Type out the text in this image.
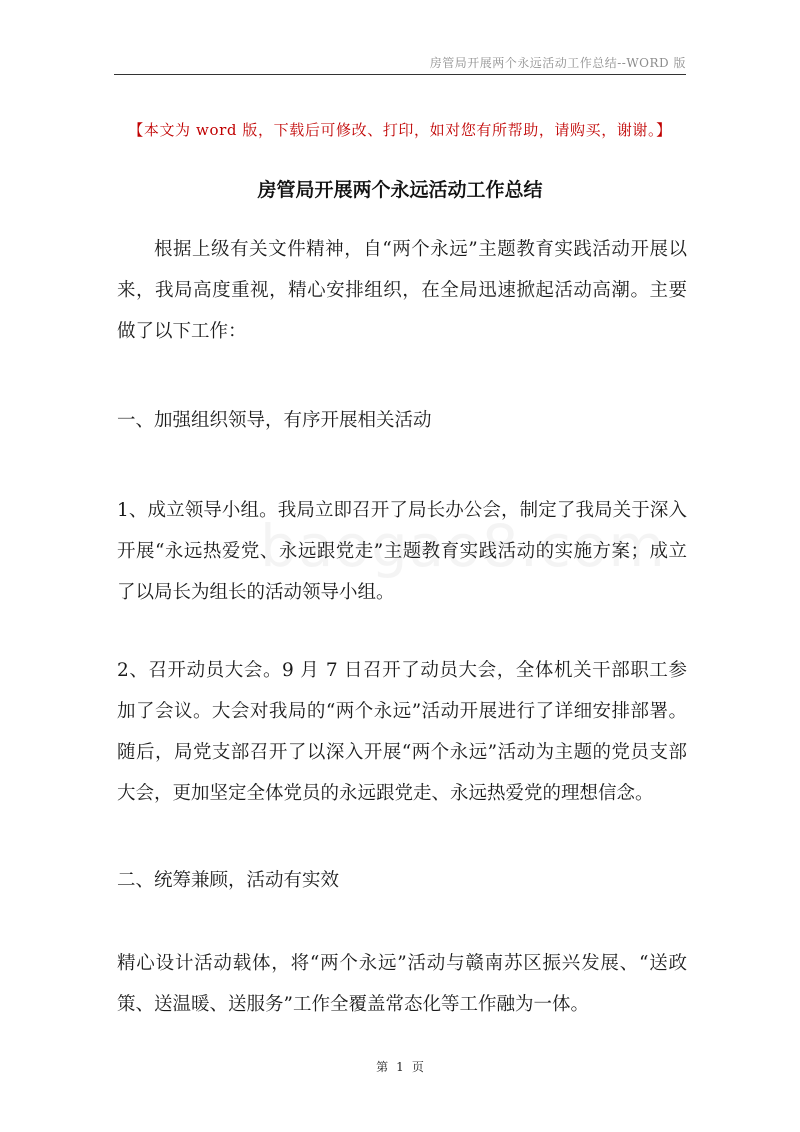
房管局开展两个永远活动工作总结--WORD 版
【本文为 word 版，下载后可修改、打印，如对您有所帮助，请购买，谢谢。】
房管局开展两个永远活动工作总结

根据上级有关文件精神，自“两个永远”主题教育实践活动开展以来，我局高度重视，精心安排组织，在全局迅速掀起活动高潮。主要做了以下工作：

一、加强组织领导，有序开展相关活动

1、成立领导小组。我局立即召开了局长办公会，制定了我局关于深入开展“永远热爱党、永远跟党走”主题教育实践活动的实施方案；成立了以局长为组长的活动领导小组。

2、召开动员大会。9 月 7 日召开了动员大会，全体机关干部职工参加了会议。大会对我局的“两个永远”活动开展进行了详细安排部署。随后，局党支部召开了以深入开展“两个永远”活动为主题的党员支部大会，更加坚定全体党员的永远跟党走、永远热爱党的理想信念。

二、统筹兼顾，活动有实效

精心设计活动载体，将“两个永远”活动与赣南苏区振兴发展、“送政策、送温暖、送服务”工作全覆盖常态化等工作融为一体。

第 1 页
